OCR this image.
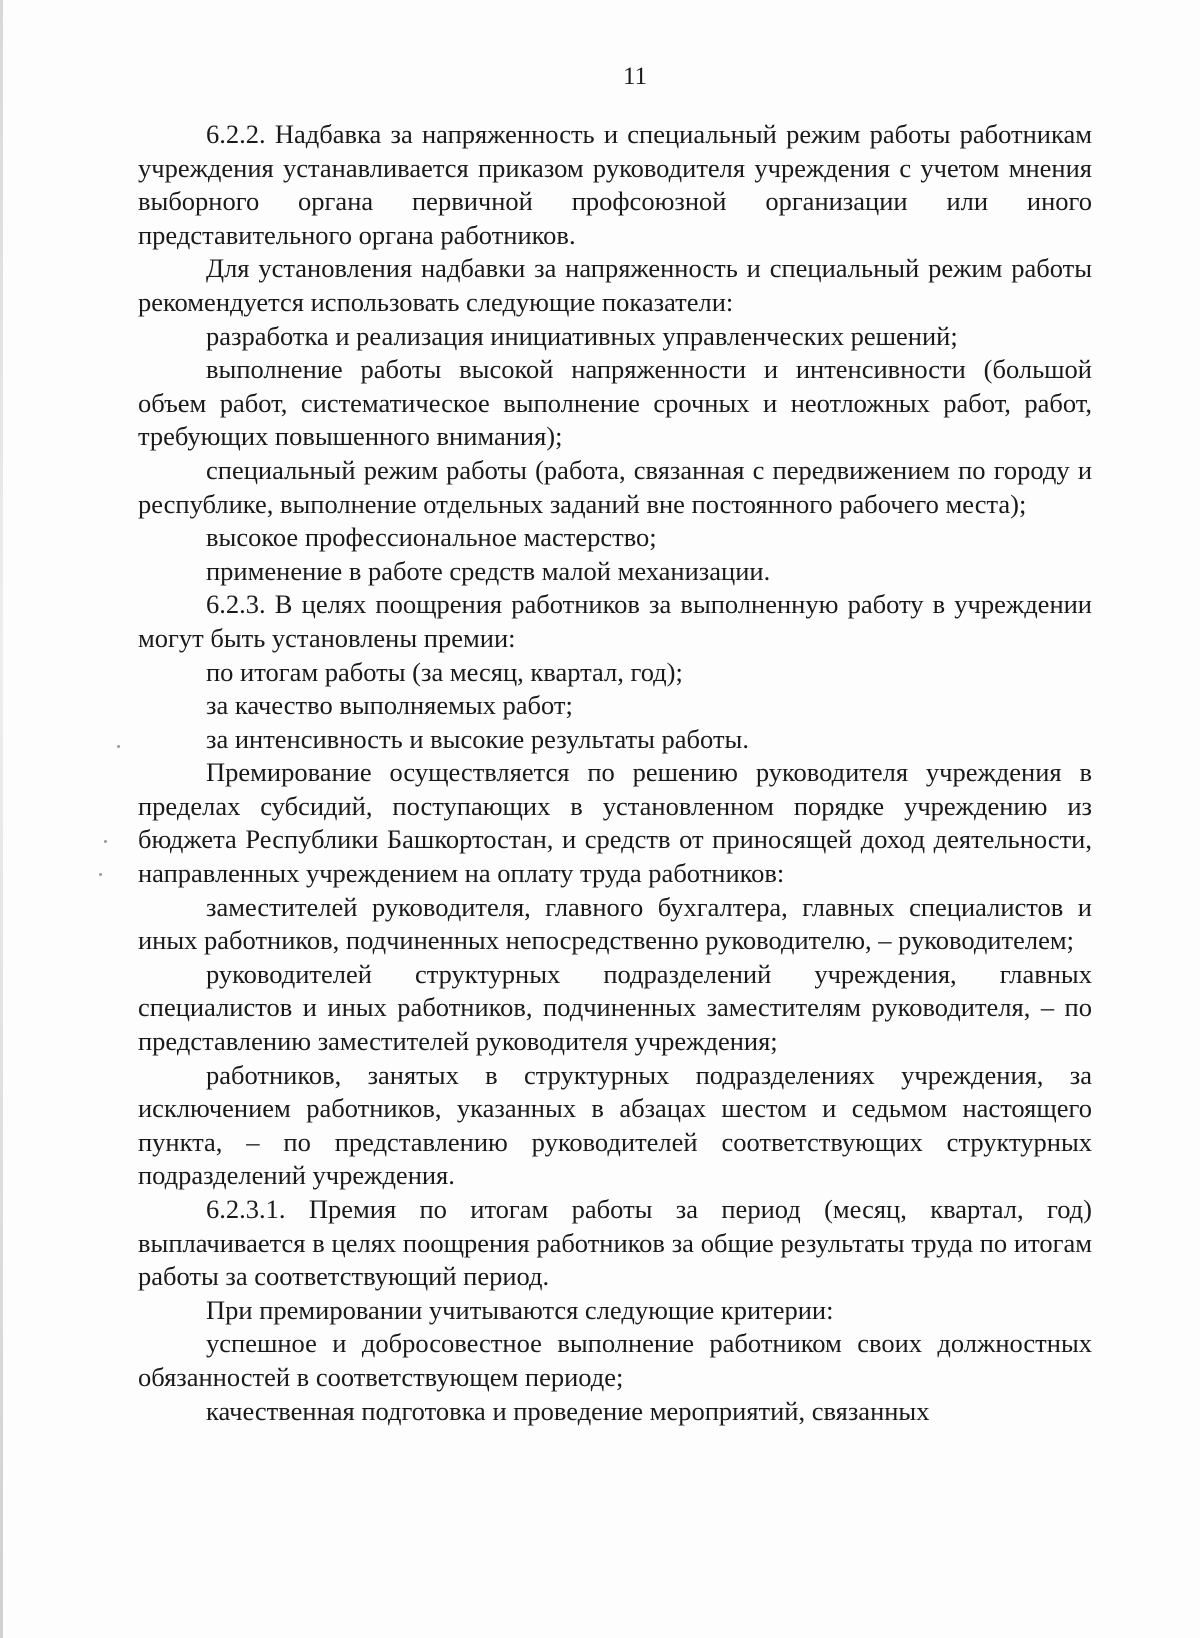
11

6.2.2. Надбавка за напряженность и специальный режим работы работникам учреждения устанавливается приказом руководителя учреждения с учетом мнения выборного органа первичной профсоюзной организации или иного представительного органа работников.

Для установления надбавки за напряженность и специальный режим работы рекомендуется использовать следующие показатели:

разработка и реализация инициативных управленческих решений;

выполнение работы высокой напряженности и интенсивности (большой объем работ, систематическое выполнение срочных и неотложных работ, работ, требующих повышенного внимания);

специальный режим работы (работа, связанная с передвижением по городу и республике, выполнение отдельных заданий вне постоянного рабочего места);

высокое профессиональное мастерство;

применение в работе средств малой механизации.

6.2.3. В целях поощрения работников за выполненную работу в учреждении могут быть установлены премии:

по итогам работы (за месяц, квартал, год);

за качество выполняемых работ;

за интенсивность и высокие результаты работы.

Премирование осуществляется по решению руководителя учреждения в пределах субсидий, поступающих в установленном порядке учреждению из бюджета Республики Башкортостан, и средств от приносящей доход деятельности, направленных учреждением на оплату труда работников:

заместителей руководителя, главного бухгалтера, главных специалистов и иных работников, подчиненных непосредственно руководителю, – руководителем;

руководителей структурных подразделений учреждения, главных специалистов и иных работников, подчиненных заместителям руководителя, – по представлению заместителей руководителя учреждения;

работников, занятых в структурных подразделениях учреждения, за исключением работников, указанных в абзацах шестом и седьмом настоящего пункта, – по представлению руководителей соответствующих структурных подразделений учреждения.

6.2.3.1. Премия по итогам работы за период (месяц, квартал, год) выплачивается в целях поощрения работников за общие результаты труда по итогам работы за соответствующий период.

При премировании учитываются следующие критерии:

успешное и добросовестное выполнение работником своих должностных обязанностей в соответствующем периоде;

качественная подготовка и проведение мероприятий, связанных
